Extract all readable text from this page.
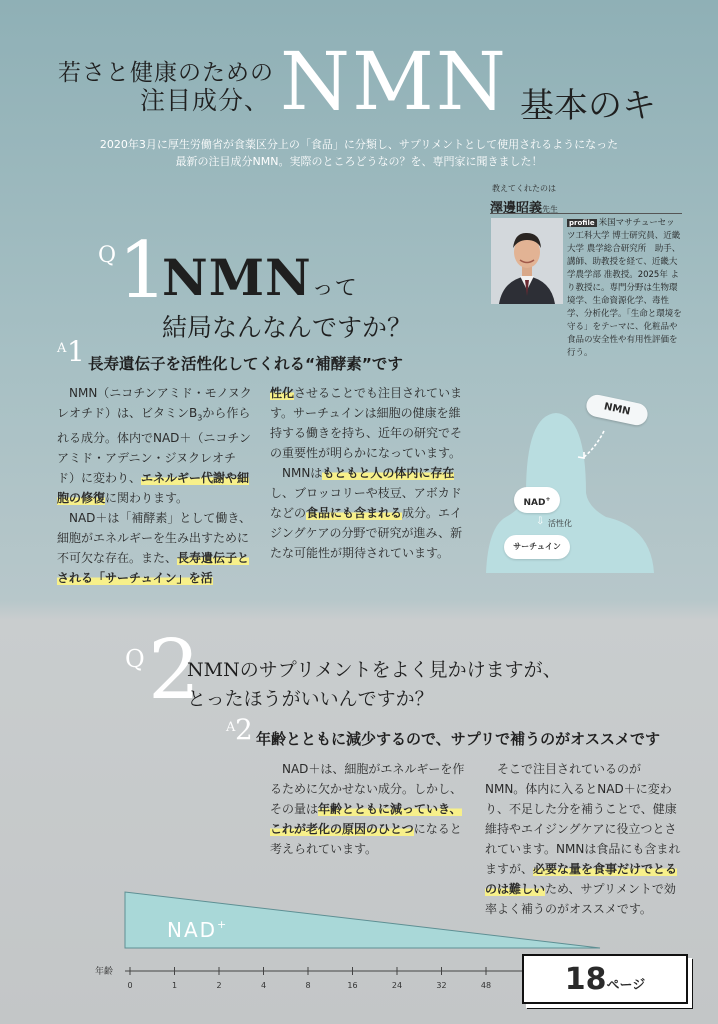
若さと健康のための
注目成分、 NMN 基本のキ
2020年3月に厚生労働省が食薬区分上の「食品」に分類し、サプリメントとして使用されるようになった
最新の注目成分NMN。実際のところどうなの？を、専門家に聞きました！
教えてくれたのは
澤邊昭義先生
profile 米国マサチューセッツ工科大学 博士研究員、近畿大学 農学総合研究所　助手、講師、助教授を経て、近畿大学農学部 准教授。2025年 より教授に。専門分野は生物環境学、生命資源化学、毒性学、分析化学。「生命と環境を守る」をテーマに、化粧品や食品の安全性や有用性評価を行う。
Q 1
NMNって
結局なんなんですか？
A 1 長寿遺伝子を活性化してくれる“補酵素”です
　NMN（ニコチンアミド・モノヌクレオチド）は、ビタミン$B_3$から作られる成分。体内でNAD＋（ニコチンアミド・アデニン・ジヌクレオチド）に変わり、エネルギー代謝や細胞の修復に関わります。
　NAD＋は「補酵素」として働き、細胞がエネルギーを生み出すために不可欠な存在。また、長寿遺伝子とされる「サーチュイン」を活
性化させることでも注目されています。サーチュインは細胞の健康を維持する働きを持ち、近年の研究でその重要性が明らかになっています。
　NMNはもともと人の体内に存在し、ブロッコリーや枝豆、アボカドなどの食品にも含まれる成分。エイジングケアの分野で研究が進み、新たな可能性が期待されています。
NMN
NAD+
⇩ 活性化
サーチュイン
Q 2
NMNのサプリメントをよく見かけますが、
とったほうがいいんですか？
A 2 年齢とともに減少するので、サプリで補うのがオススメです
　NAD＋は、細胞がエネルギーを作るために欠かせない成分。しかし、その量は年齢とともに減っていき、これが老化の原因のひとつになると考えられています。
　そこで注目されているのがNMN。体内に入るとNAD＋に変わり、不足した分を補うことで、健康維持やエイジングケアに役立つとされています。NMNは食品にも含まれますが、必要な量を食事だけでとるのは難しいため、サプリメントで効率よく補うのがオススメです。
NAD+
0	1	2	4	8	16	24	32	48
年齢	18ページ
